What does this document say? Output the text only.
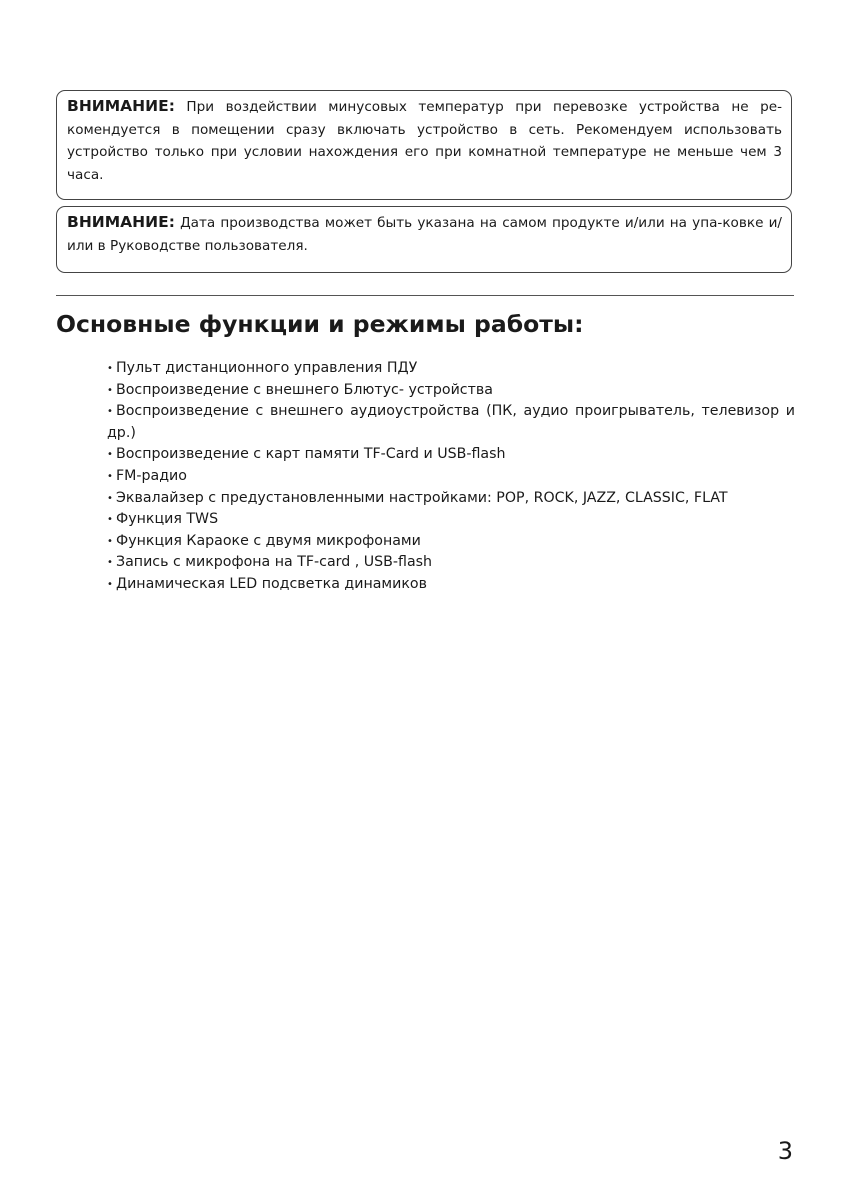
ВНИМАНИЕ: При воздействии минусовых температур при перевозке устройства не ре-комендуется в помещении сразу включать устройство в сеть. Рекомендуем использовать устройство только при условии нахождения его при комнатной температуре не меньше чем 3 часа.
ВНИМАНИЕ: Дата производства может быть указана на самом продукте и/или на упа-ковке и/или в Руководстве пользователя.
Основные функции и режимы работы:
• Пульт дистанционного управления ПДУ
• Воспроизведение с внешнего Блютус- устройства
• Воспроизведение с внешнего аудиоустройства (ПК, аудио проигрыватель, телевизор и др.)
• Воспроизведение с карт памяти TF-Card и USB-flash
• FM-радио
• Эквалайзер с предустановленными настройками: POP, ROCK, JAZZ, CLASSIC, FLAT
• Функция TWS
• Функция Караоке с двумя микрофонами
• Запись с микрофона на TF-card , USB-flash
• Динамическая LED подсветка динамиков
3
